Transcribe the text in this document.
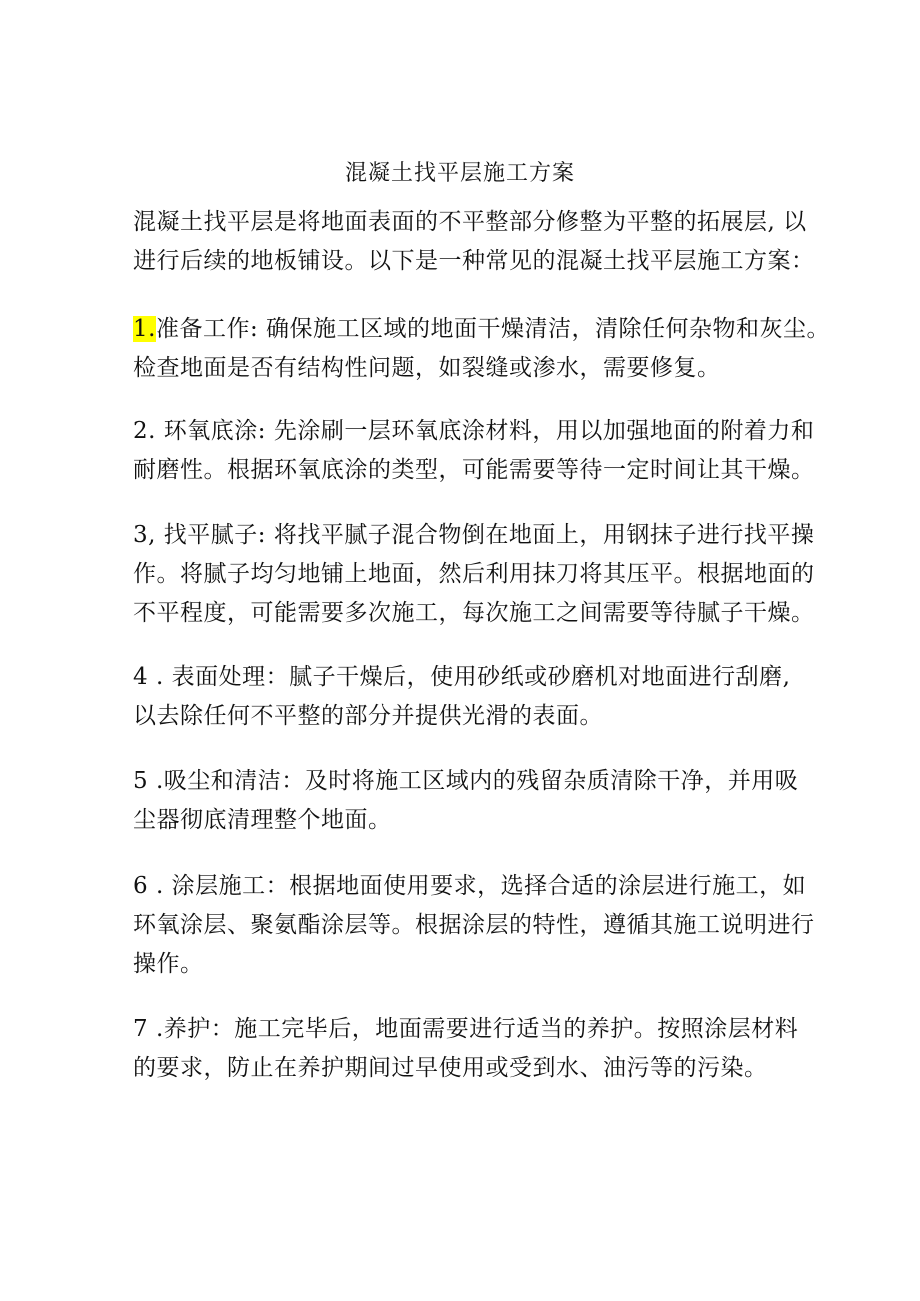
混凝土找平层施工方案
混凝土找平层是将地面表面的不平整部分修整为平整的拓展层, 以
进行后续的地板铺设。以下是一种常见的混凝土找平层施工方案：
1.准备工作: 确保施工区域的地面干燥清洁，清除任何杂物和灰尘。
检查地面是否有结构性问题，如裂缝或渗水，需要修复。
2. 环氧底涂: 先涂刷一层环氧底涂材料，用以加强地面的附着力和
耐磨性。根据环氧底涂的类型，可能需要等待一定时间让其干燥。
3, 找平腻子: 将找平腻子混合物倒在地面上，用钢抹子进行找平操
作。将腻子均匀地铺上地面，然后利用抹刀将其压平。根据地面的
不平程度，可能需要多次施工，每次施工之间需要等待腻子干燥。
4 . 表面处理：腻子干燥后，使用砂纸或砂磨机对地面进行刮磨,
以去除任何不平整的部分并提供光滑的表面。
5 .吸尘和清洁：及时将施工区域内的残留杂质清除干净，并用吸
尘器彻底清理整个地面。
6 . 涂层施工：根据地面使用要求，选择合适的涂层进行施工，如
环氧涂层、聚氨酯涂层等。根据涂层的特性，遵循其施工说明进行
操作。
7 .养护：施工完毕后，地面需要进行适当的养护。按照涂层材料
的要求，防止在养护期间过早使用或受到水、油污等的污染。
